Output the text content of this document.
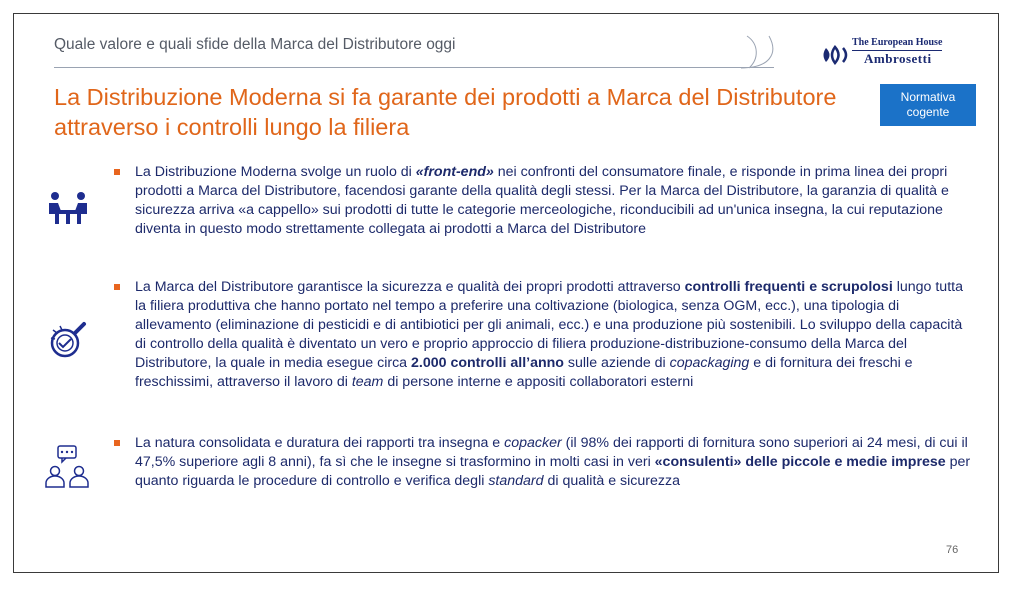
Quale valore e quali sfide della Marca del Distributore oggi	The European House
Ambrosetti
La Distribuzione Moderna si fa garante dei prodotti a Marca del Distributore attraverso i controlli lungo la filiera
Normativa
cogente
La Distribuzione Moderna svolge un ruolo di «front-end» nei confronti del consumatore finale, e risponde in prima linea dei propri prodotti a Marca del Distributore, facendosi garante della qualità degli stessi. Per la Marca del Distributore, la garanzia di qualità e sicurezza arriva «a cappello» sui prodotti di tutte le categorie merceologiche, riconducibili ad un'unica insegna, la cui reputazione diventa in questo modo strettamente collegata ai prodotti a Marca del Distributore
La Marca del Distributore garantisce la sicurezza e qualità dei propri prodotti attraverso controlli frequenti e scrupolosi lungo tutta la filiera produttiva che hanno portato nel tempo a preferire una coltivazione (biologica, senza OGM, ecc.), una tipologia di allevamento (eliminazione di pesticidi e di antibiotici per gli animali, ecc.) e una produzione più sostenibili. Lo sviluppo della capacità di controllo della qualità è diventato un vero e proprio approccio di filiera produzione-distribuzione-consumo della Marca del Distributore, la quale in media esegue circa 2.000 controlli all’anno sulle aziende di copackaging e di fornitura dei freschi e freschissimi, attraverso il lavoro di team di persone interne e appositi collaboratori esterni
La natura consolidata e duratura dei rapporti tra insegna e copacker (il 98% dei rapporti di fornitura sono superiori ai 24 mesi, di cui il 47,5% superiore agli 8 anni), fa sì che le insegne si trasformino in molti casi in veri «consulenti» delle piccole e medie imprese per quanto riguarda le procedure di controllo e verifica degli standard di qualità e sicurezza
76
